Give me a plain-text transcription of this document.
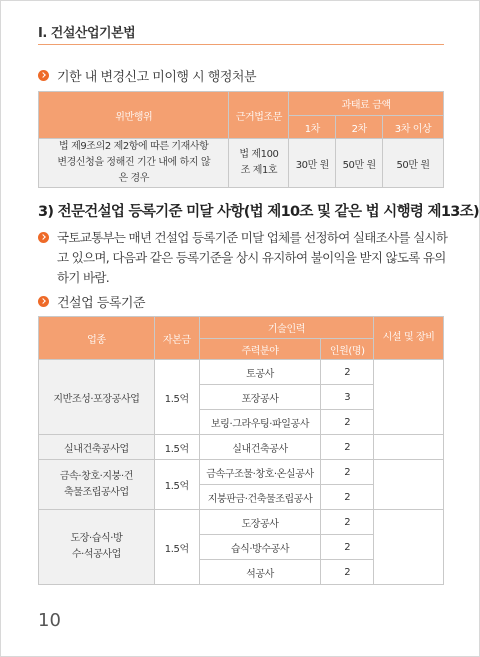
Ⅰ. 건설산업기본법
기한 내 변경신고 미이행 시 행정처분
위반행위	근거법조문	과태료 금액		
		1차	2차	3차 이상
법 제9조의2 제2항에 따른 기재사항 변경신청을 정해진 기간 내에 하지 않은 경우	법 제100조 제1호	30만 원	50만 원	50만 원
3) 전문건설업 등록기준 미달 사항(법 제10조 및 같은 법 시행령 제13조)

국토교통부는 매년 건설업 등록기준 미달 업체를 선정하여 실태조사를 실시하고 있으며, 다음과 같은 등록기준을 상시 유지하여 불이익을 받지 않도록 유의하기 바람.

건설업 등록기준
업종	자본금	기술인력		시설 및 장비
		주력분야	인원(명)	
지반조성·포장공사업	1.5억	토공사	2	
		포장공사	3	
		보링·그라우팅·파일공사	2	
실내건축공사업	1.5억	실내건축공사	2	
금속·창호·지붕·건축물조립공사업	1.5억	금속구조물·창호·온실공사	2	
		지붕판금·건축물조립공사	2	
도장·습식·방수·석공사업	1.5억	도장공사	2	
		습식·방수공사	2	
		석공사	2	
10
